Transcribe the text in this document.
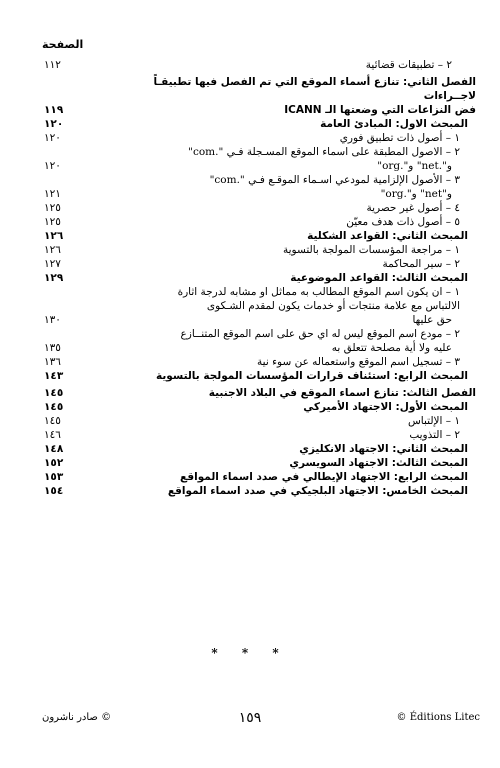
الصفحة
٢ – تطبيقات قضائية
١١٢
الفصل الثاني: تنازع أسماء الموقع التي تم الفصل فيها تطبيقـاً لاجــراءات
فض النزاعات التي وضعتها الـ ICANN
١١٩
المبحث الاول: المبادئ العامة
١٢٠
١ – أصول ذات تطبيق فوري
١٢٠
٢ – الاصول المطبقة على اسماء الموقع المسـجلة فـي ".com"
و".net" و".org"
١٢٠
٣ – الأصول الإلزامية لمودعي اسـماء الموقـع فـي ".com"
و"net" و".org"
١٢١
٤ – أصول غير حصرية
١٢٥
٥ – أصول ذات هدف معيّن
١٢٥
المبحث الثاني: القواعد الشكلية
١٢٦
١ – مراجعة المؤسسات المولجة بالتسوية
١٢٦
٢ – سير المحاكمة
١٢٧
المبحث الثالث: القواعد الموضوعية
١٢٩
١ – ان يكون اسم الموقع المطالب به مماثل او مشابه لدرجة اثارة
الالتباس مع علامة منتجات أو خدمات يكون لمقدم الشـكوى
حق عليها
١٣٠
٢ – مودع اسم الموقع ليس له اي حق على اسم الموقع المتنــازع
عليه ولا أية مصلحة تتعلق به
١٣٥
٣ – تسجيل اسم الموقع واستعماله عن سوء نية
١٣٦
المبحث الرابع: استئناف قرارات المؤسسات المولجة بالتسوية
١٤٣
الفصل الثالث: تنازع اسماء الموقع في البلاد الاجنبية
١٤٥
المبحث الأول: الاجتهاد الأميركي
١٤٥
١ – الإلتباس
١٤٥
٢ – التذويب
١٤٦
المبحث الثاني: الاجتهاد الانكليزي
١٤٨
المبحث الثالث: الاجتهاد السويسري
١٥٢
المبحث الرابع: الاجتهاد الإيطالي في صدد اسماء المواقع
١٥٣
المبحث الخامس: الاجتهاد البلجيكي في صدد اسماء المواقع
١٥٤
* * *
© صادر ناشرون	١٥٩	© Éditions Litec
